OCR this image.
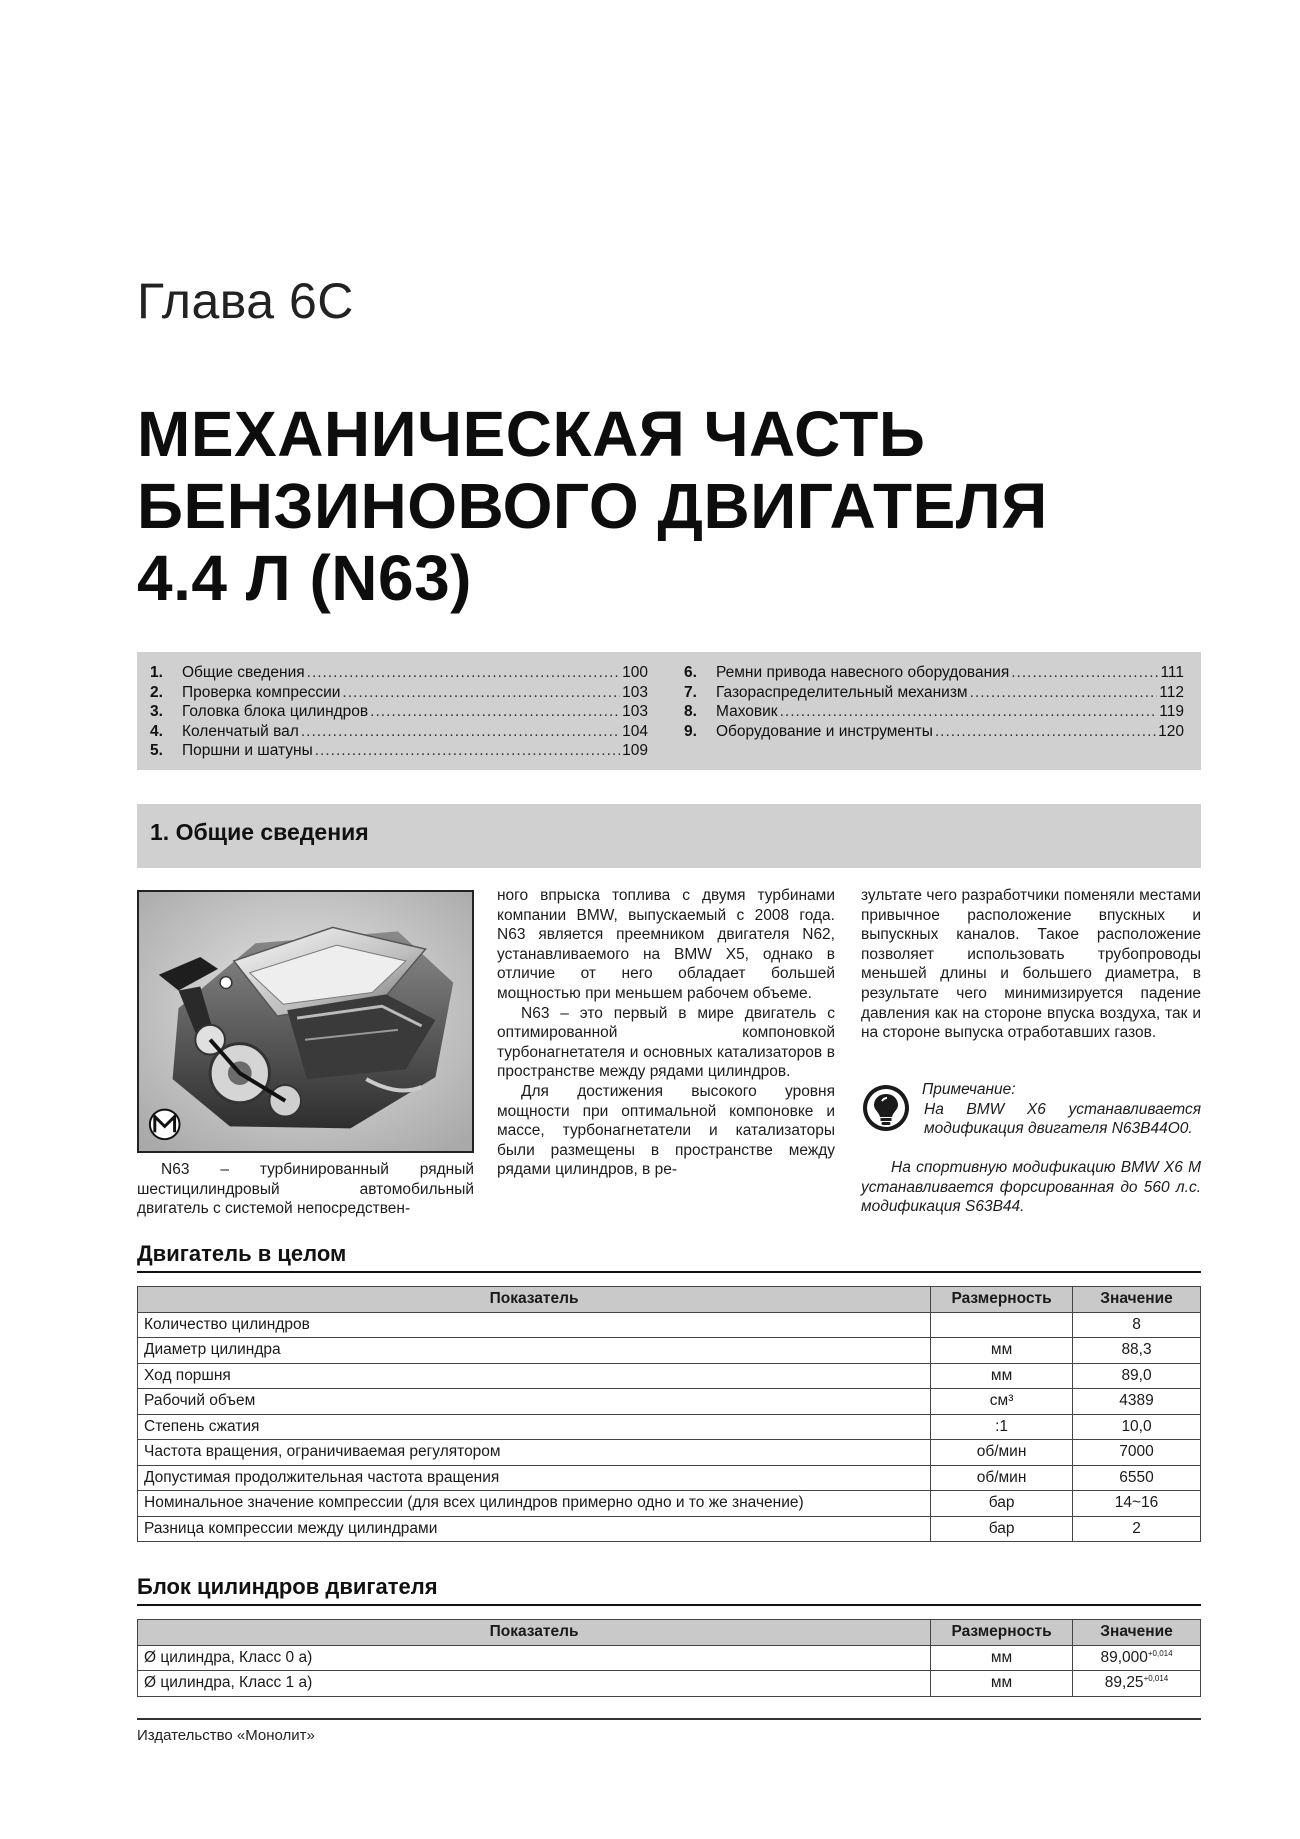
Глава 6C
МЕХАНИЧЕСКАЯ ЧАСТЬ
БЕНЗИНОВОГО ДВИГАТЕЛЯ
4.4 Л (N63)
1.	Общие сведения .....	100
2.	Проверка компрессии .....	103
3.	Головка блока цилиндров .....	103
4.	Коленчатый вал .....	104
5.	Поршни и шатуны .....	109
6.	Ремни привода навесного оборудования .....	111
7.	Газораспределительный механизм .....	112
8.	Маховик .....	119
9.	Оборудование и инструменты .....	120
1. Общие сведения

N63 – турбинированный рядный шестицилиндровый автомобильный двигатель с системой непосредствен-

ного впрыска топлива с двумя турбинами компании BMW, выпускаемый с 2008 года. N63 является преемником двигателя N62, устанавливаемого на BMW X5, однако в отличие от него обладает большей мощностью при меньшем рабочем объеме.

N63 – это первый в мире двигатель с оптимированной компоновкой турбонагнетателя и основных катализаторов в пространстве между рядами цилиндров.

Для достижения высокого уровня мощности при оптимальной компоновке и массе, турбонагнетатели и катализаторы были размещены в пространстве между рядами цилиндров, в ре-

зультате чего разработчики поменяли местами привычное расположение впускных и выпускных каналов. Такое расположение позволяет использовать трубопроводы меньшей длины и большего диаметра, в результате чего минимизируется падение давления как на стороне впуска воздуха, так и на стороне выпуска отработавших газов.

Примечание:
На BMW X6 устанавливается модификация двигателя N63B44O0.
На спортивную модификацию BMW X6 M устанавливается форсированная до 560 л.с. модификация S63B44.
Двигатель в целом
Показатель	Размерность	Значение
Количество цилиндров		8
Диаметр цилиндра	мм	88,3
Ход поршня	мм	89,0
Рабочий объем	см³	4389
Степень сжатия	:1	10,0
Частота вращения, ограничиваемая регулятором	об/мин	7000
Допустимая продолжительная частота вращения	об/мин	6550
Номинальное значение компрессии (для всех цилиндров примерно одно и то же значение)	бар	14~16
Разница компрессии между цилиндрами	бар	2
Блок цилиндров двигателя
Показатель	Размерность	Значение
Ø цилиндра, Класс 0 а)	мм	$89,000^{+0,014}$
Ø цилиндра, Класс 1 а)	мм	$89,25^{+0,014}$
Издательство «Монолит»
